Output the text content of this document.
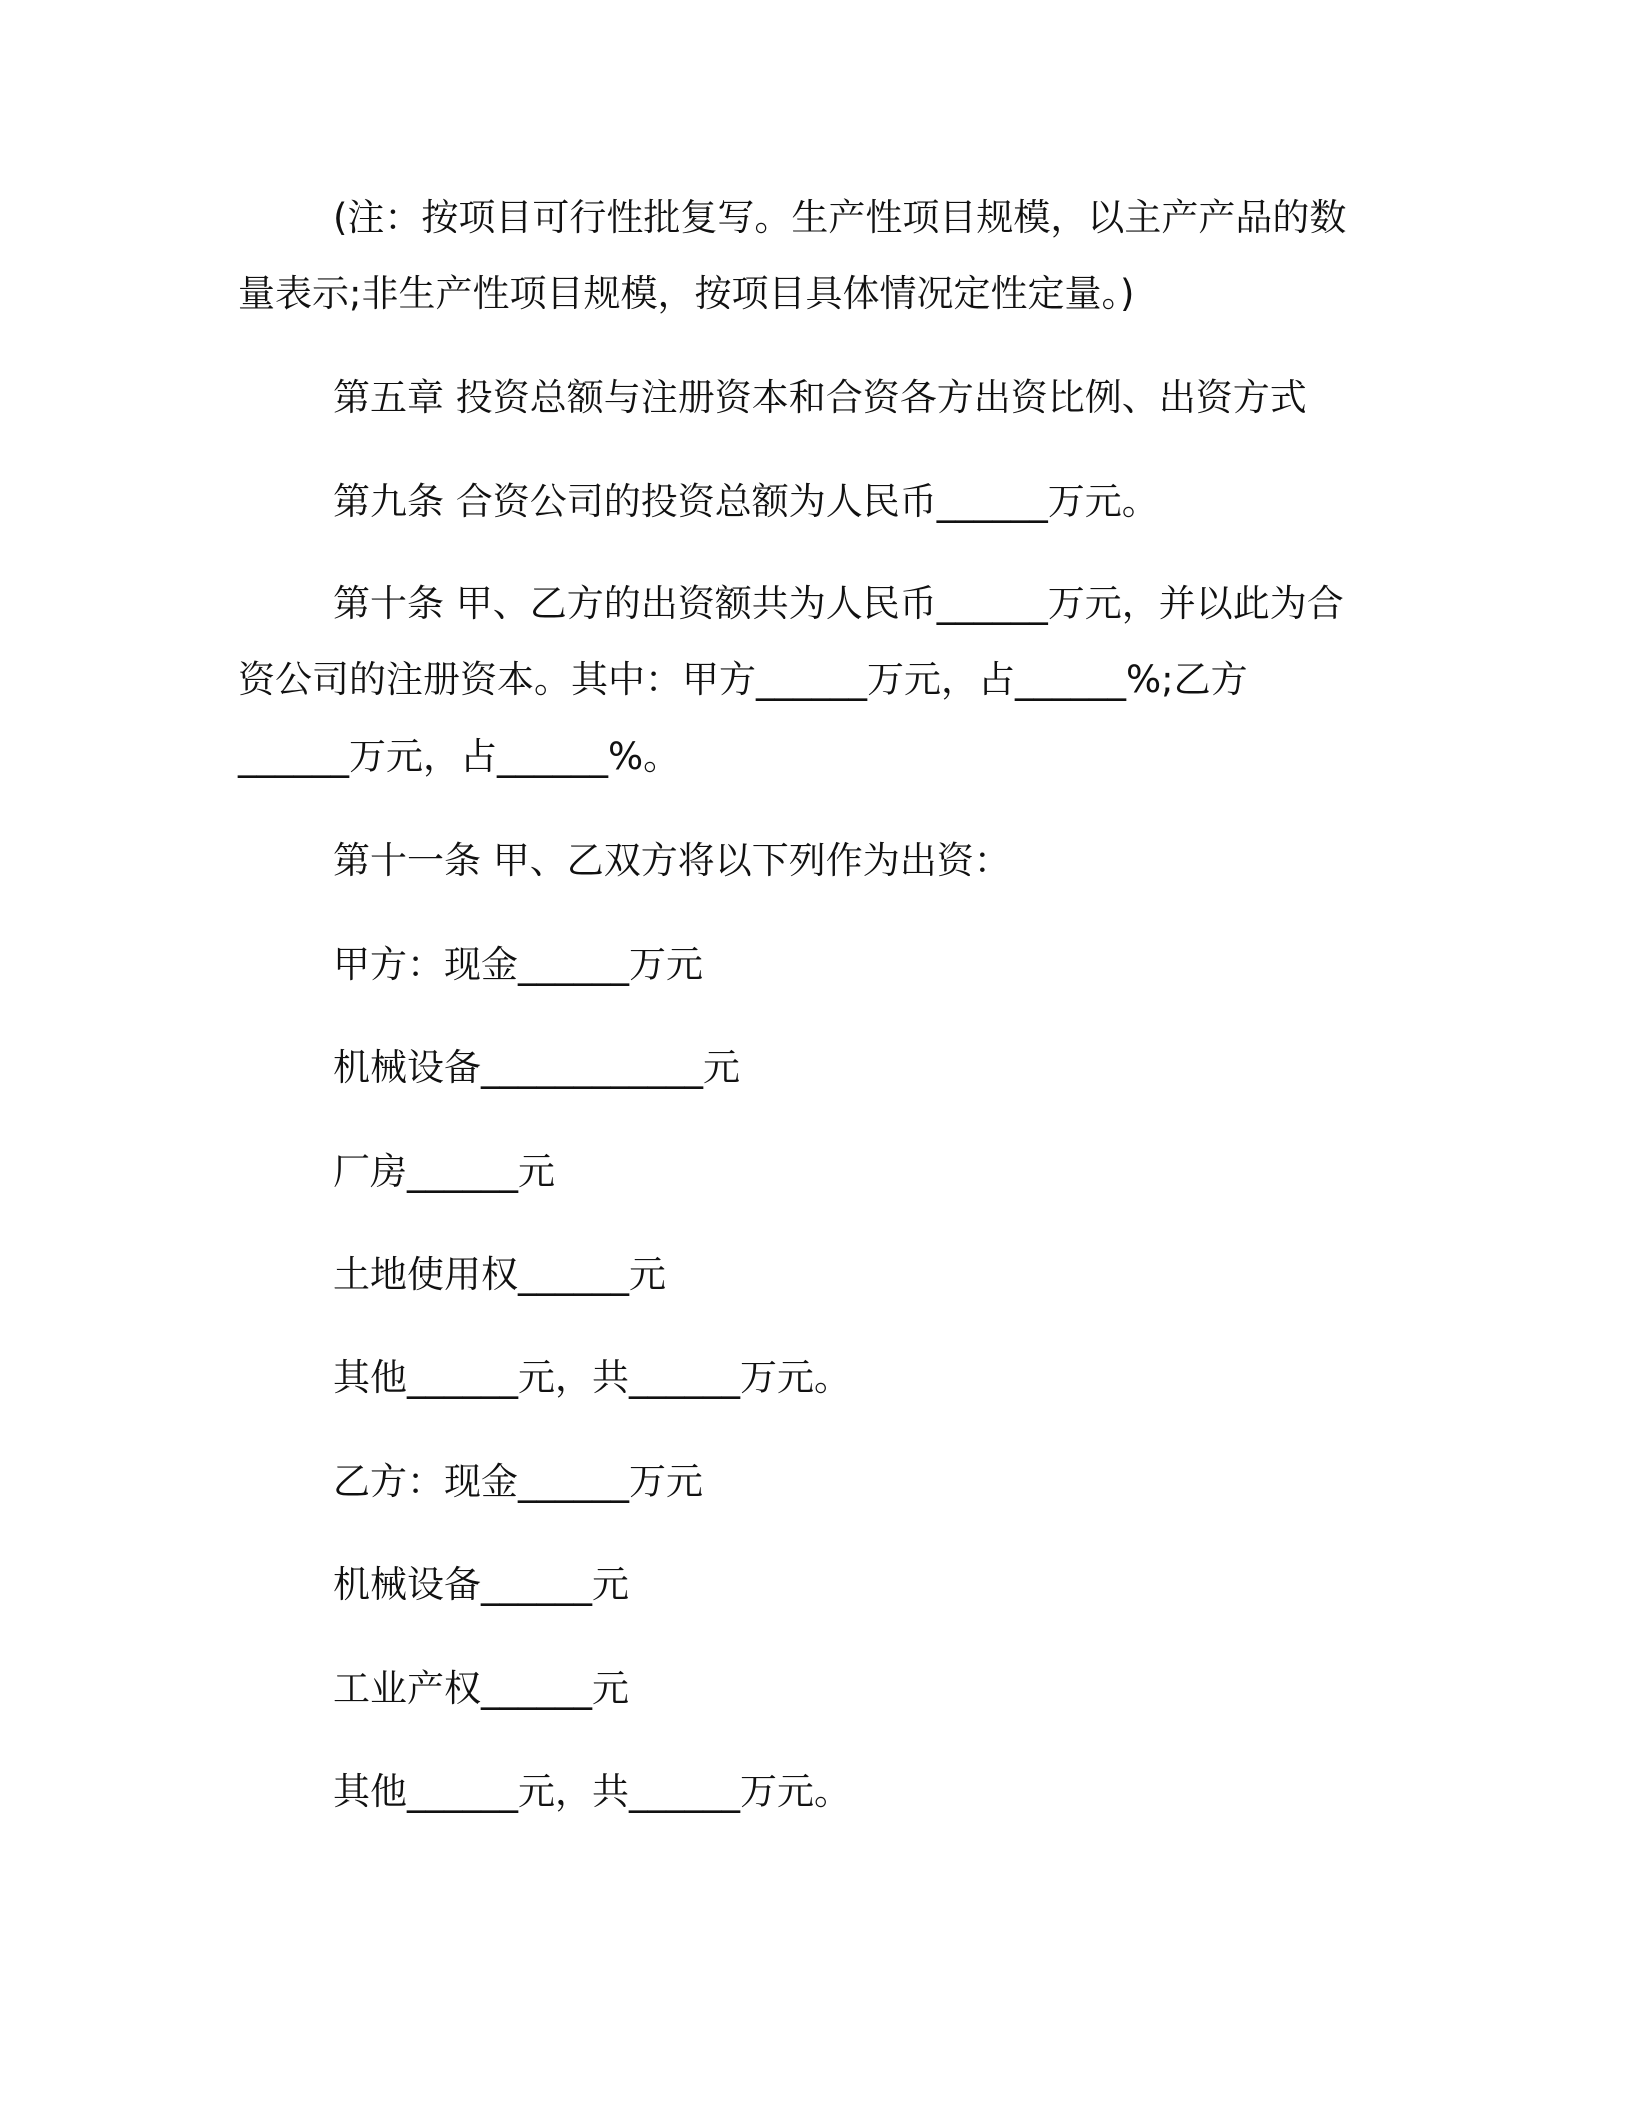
(注：按项目可行性批复写。生产性项目规模，以主产产品的数
量表示;非生产性项目规模，按项目具体情况定性定量。)
第五章 投资总额与注册资本和合资各方出资比例、出资方式
第九条 合资公司的投资总额为人民币______万元。
第十条 甲、乙方的出资额共为人民币______万元，并以此为合
资公司的注册资本。其中：甲方______万元，占______%;乙方
______万元，占______%。
第十一条 甲、乙双方将以下列作为出资：
甲方：现金______万元
机械设备____________元
厂房______元
土地使用权______元
其他______元，共______万元。
乙方：现金______万元
机械设备______元
工业产权______元
其他______元，共______万元。
